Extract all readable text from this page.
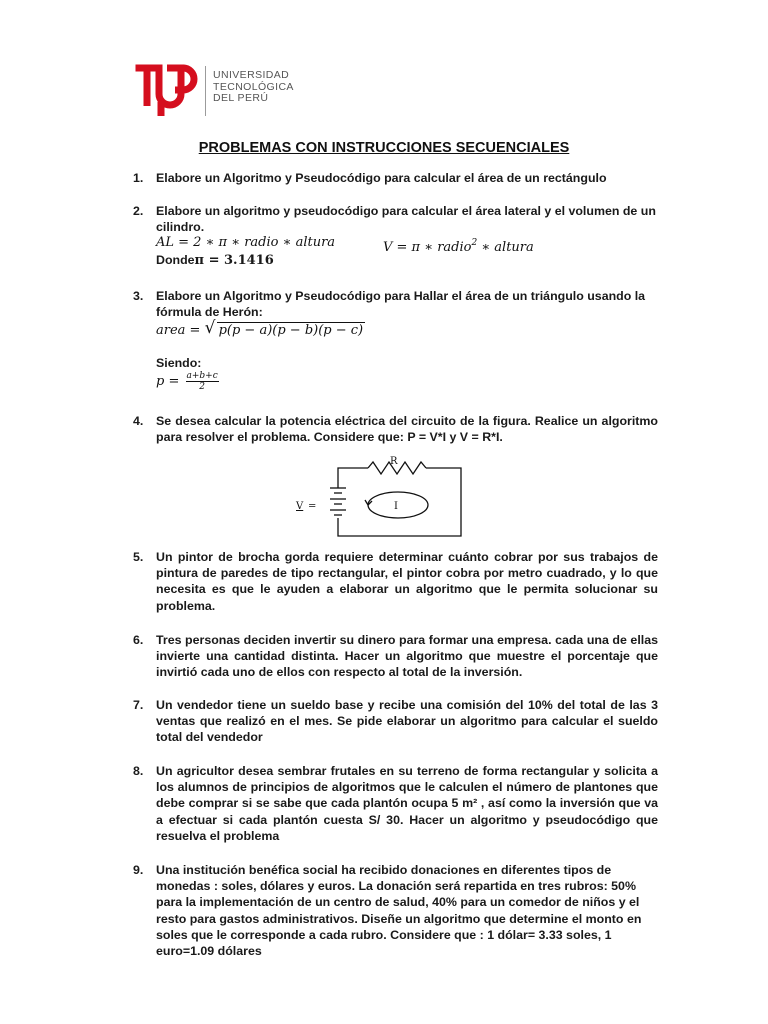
UNIVERSIDAD
TECNOLÓGICA
DEL PERÚ
PROBLEMAS CON INSTRUCCIONES SECUENCIALES
1.	Elabore un Algoritmo y Pseudocódigo para calcular el área de un rectángulo
2.	Elabore un algoritmo y pseudocódigo para calcular el área lateral y el volumen de un cilindro.
AL = 2 ∗ π ∗ radio ∗ altura	V = π ∗ radio$^2$ ∗ altura
Dondeπ = 3.1416
3.	Elabore un Algoritmo y Pseudocódigo para Hallar el área de un triángulo usando la fórmula de Herón:
area = √ p(p − a)(p − b)(p − c)
Siendo:
$p = \frac{a+b+c}{2}$
4.	Se desea calcular la potencia eléctrica del circuito de la figura. Realice un algoritmo para resolver el problema. Considere que: P = V*I y V = R*I.
R
I
V =
5.	Un pintor de brocha gorda requiere determinar cuánto cobrar por sus trabajos de pintura de paredes de tipo rectangular, el pintor cobra por metro cuadrado, y lo que necesita es que le ayuden a elaborar un algoritmo que le permita solucionar su problema.
6.	Tres personas deciden invertir su dinero para formar una empresa. cada una de ellas invierte una cantidad distinta. Hacer un algoritmo que muestre el porcentaje que invirtió cada uno de ellos con respecto al total de la inversión.
7.	Un vendedor tiene un sueldo base y recibe una comisión del 10% del total de las 3 ventas que realizó en el mes. Se pide elaborar un algoritmo para calcular el sueldo total del vendedor
8.	Un agricultor desea sembrar frutales en su terreno de forma rectangular y solicita a los alumnos de principios de algoritmos que le calculen el número de plantones que debe comprar si se sabe que cada plantón ocupa 5 m² , así como la inversión que va a efectuar si cada plantón cuesta S/ 30. Hacer un algoritmo y pseudocódigo que resuelva el problema
9.	Una institución benéfica social ha recibido donaciones en diferentes tipos de monedas : soles, dólares y euros. La donación será repartida en tres rubros: 50% para la implementación de un centro de salud, 40% para un comedor de niños y el resto para gastos administrativos. Diseñe un algoritmo que determine el monto en soles que le corresponde a cada rubro. Considere que : 1 dólar= 3.33 soles, 1 euro=1.09 dólares
